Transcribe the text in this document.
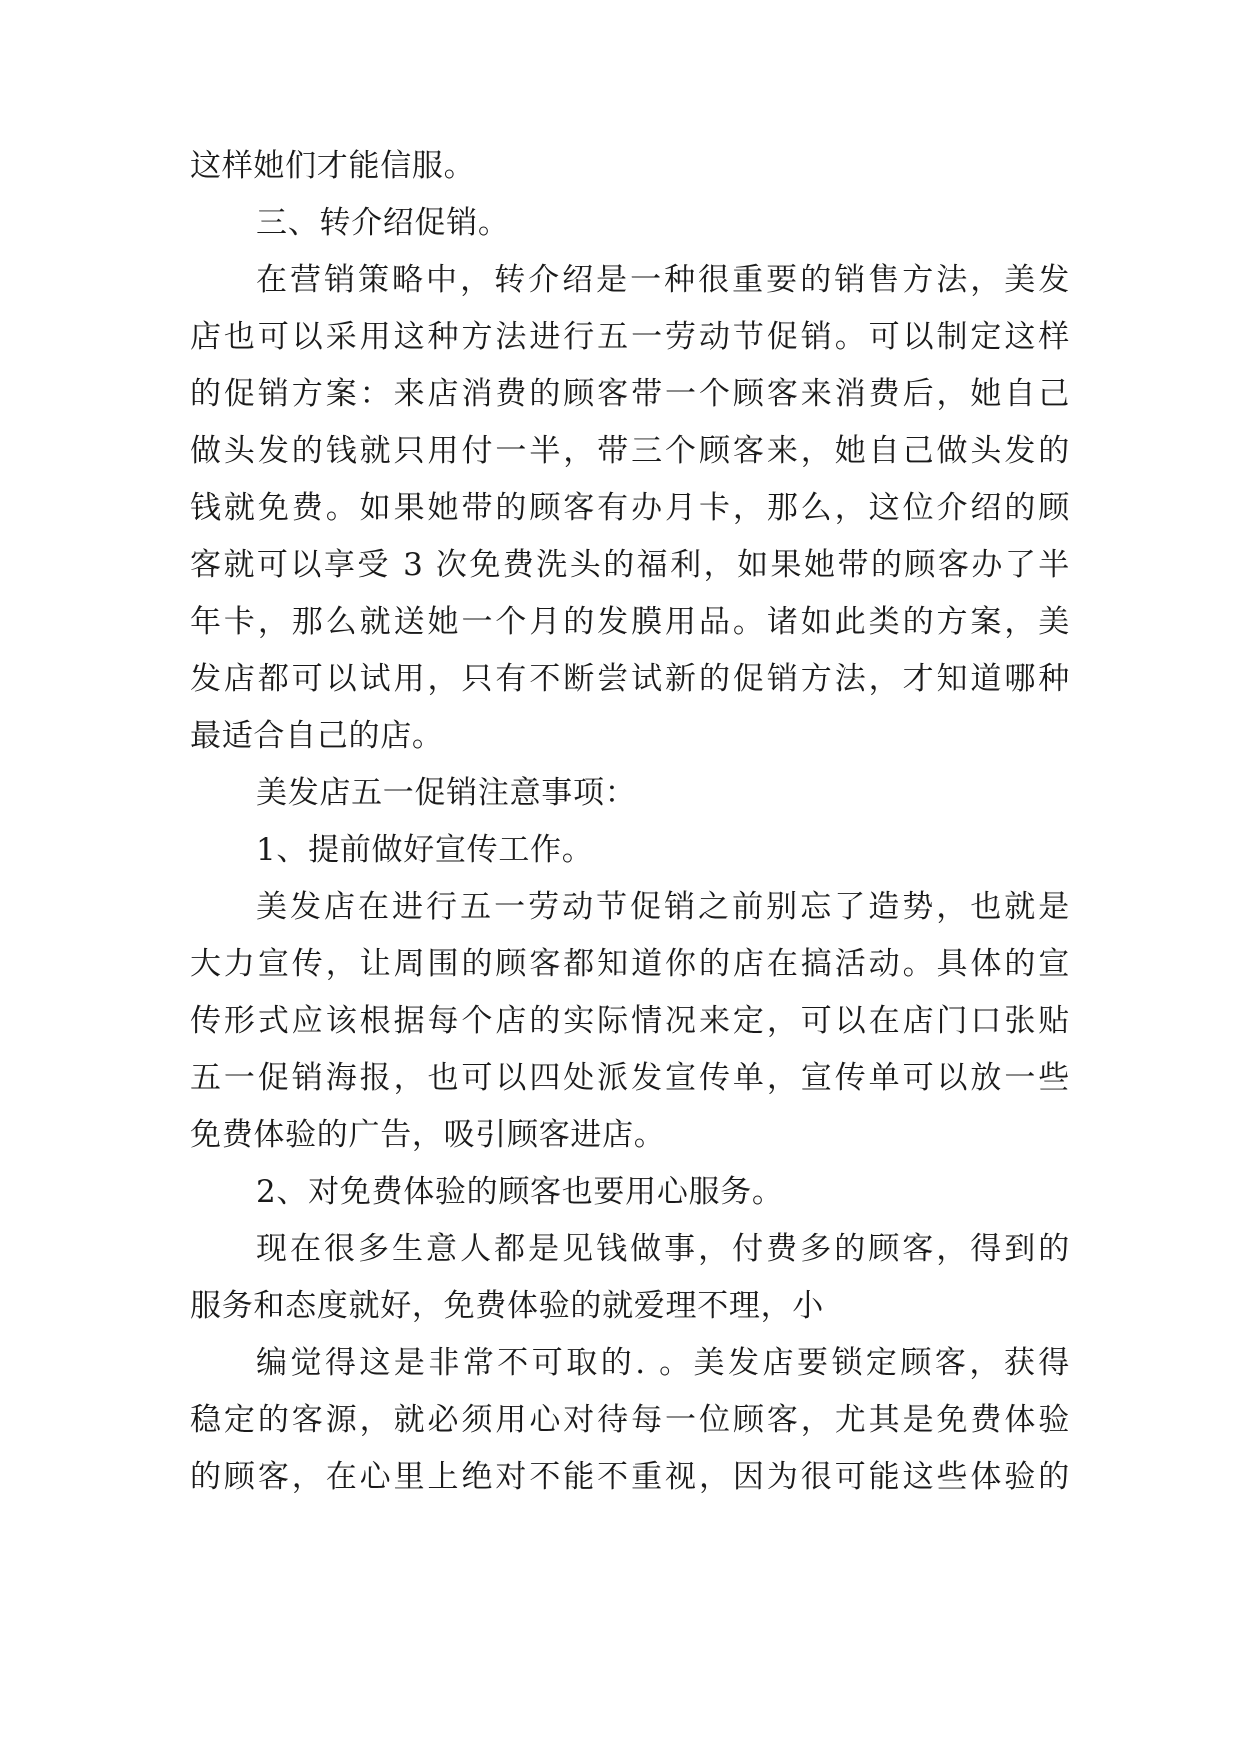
这样她们才能信服。
三、转介绍促销。
在营销策略中，转介绍是一种很重要的销售方法，美发
店也可以采用这种方法进行五一劳动节促销。可以制定这样
的促销方案：来店消费的顾客带一个顾客来消费后，她自己
做头发的钱就只用付一半，带三个顾客来，她自己做头发的
钱就免费。如果她带的顾客有办月卡，那么，这位介绍的顾
客就可以享受 3 次免费洗头的福利，如果她带的顾客办了半
年卡，那么就送她一个月的发膜用品。诸如此类的方案，美
发店都可以试用，只有不断尝试新的促销方法，才知道哪种
最适合自己的店。
美发店五一促销注意事项：
1、提前做好宣传工作。
美发店在进行五一劳动节促销之前别忘了造势，也就是
大力宣传，让周围的顾客都知道你的店在搞活动。具体的宣
传形式应该根据每个店的实际情况来定，可以在店门口张贴
五一促销海报，也可以四处派发宣传单，宣传单可以放一些
免费体验的广告，吸引顾客进店。
2、对免费体验的顾客也要用心服务。
现在很多生意人都是见钱做事，付费多的顾客，得到的
服务和态度就好，免费体验的就爱理不理，小
编觉得这是非常不可取的. 。美发店要锁定顾客，获得
稳定的客源，就必须用心对待每一位顾客，尤其是免费体验
的顾客，在心里上绝对不能不重视，因为很可能这些体验的
